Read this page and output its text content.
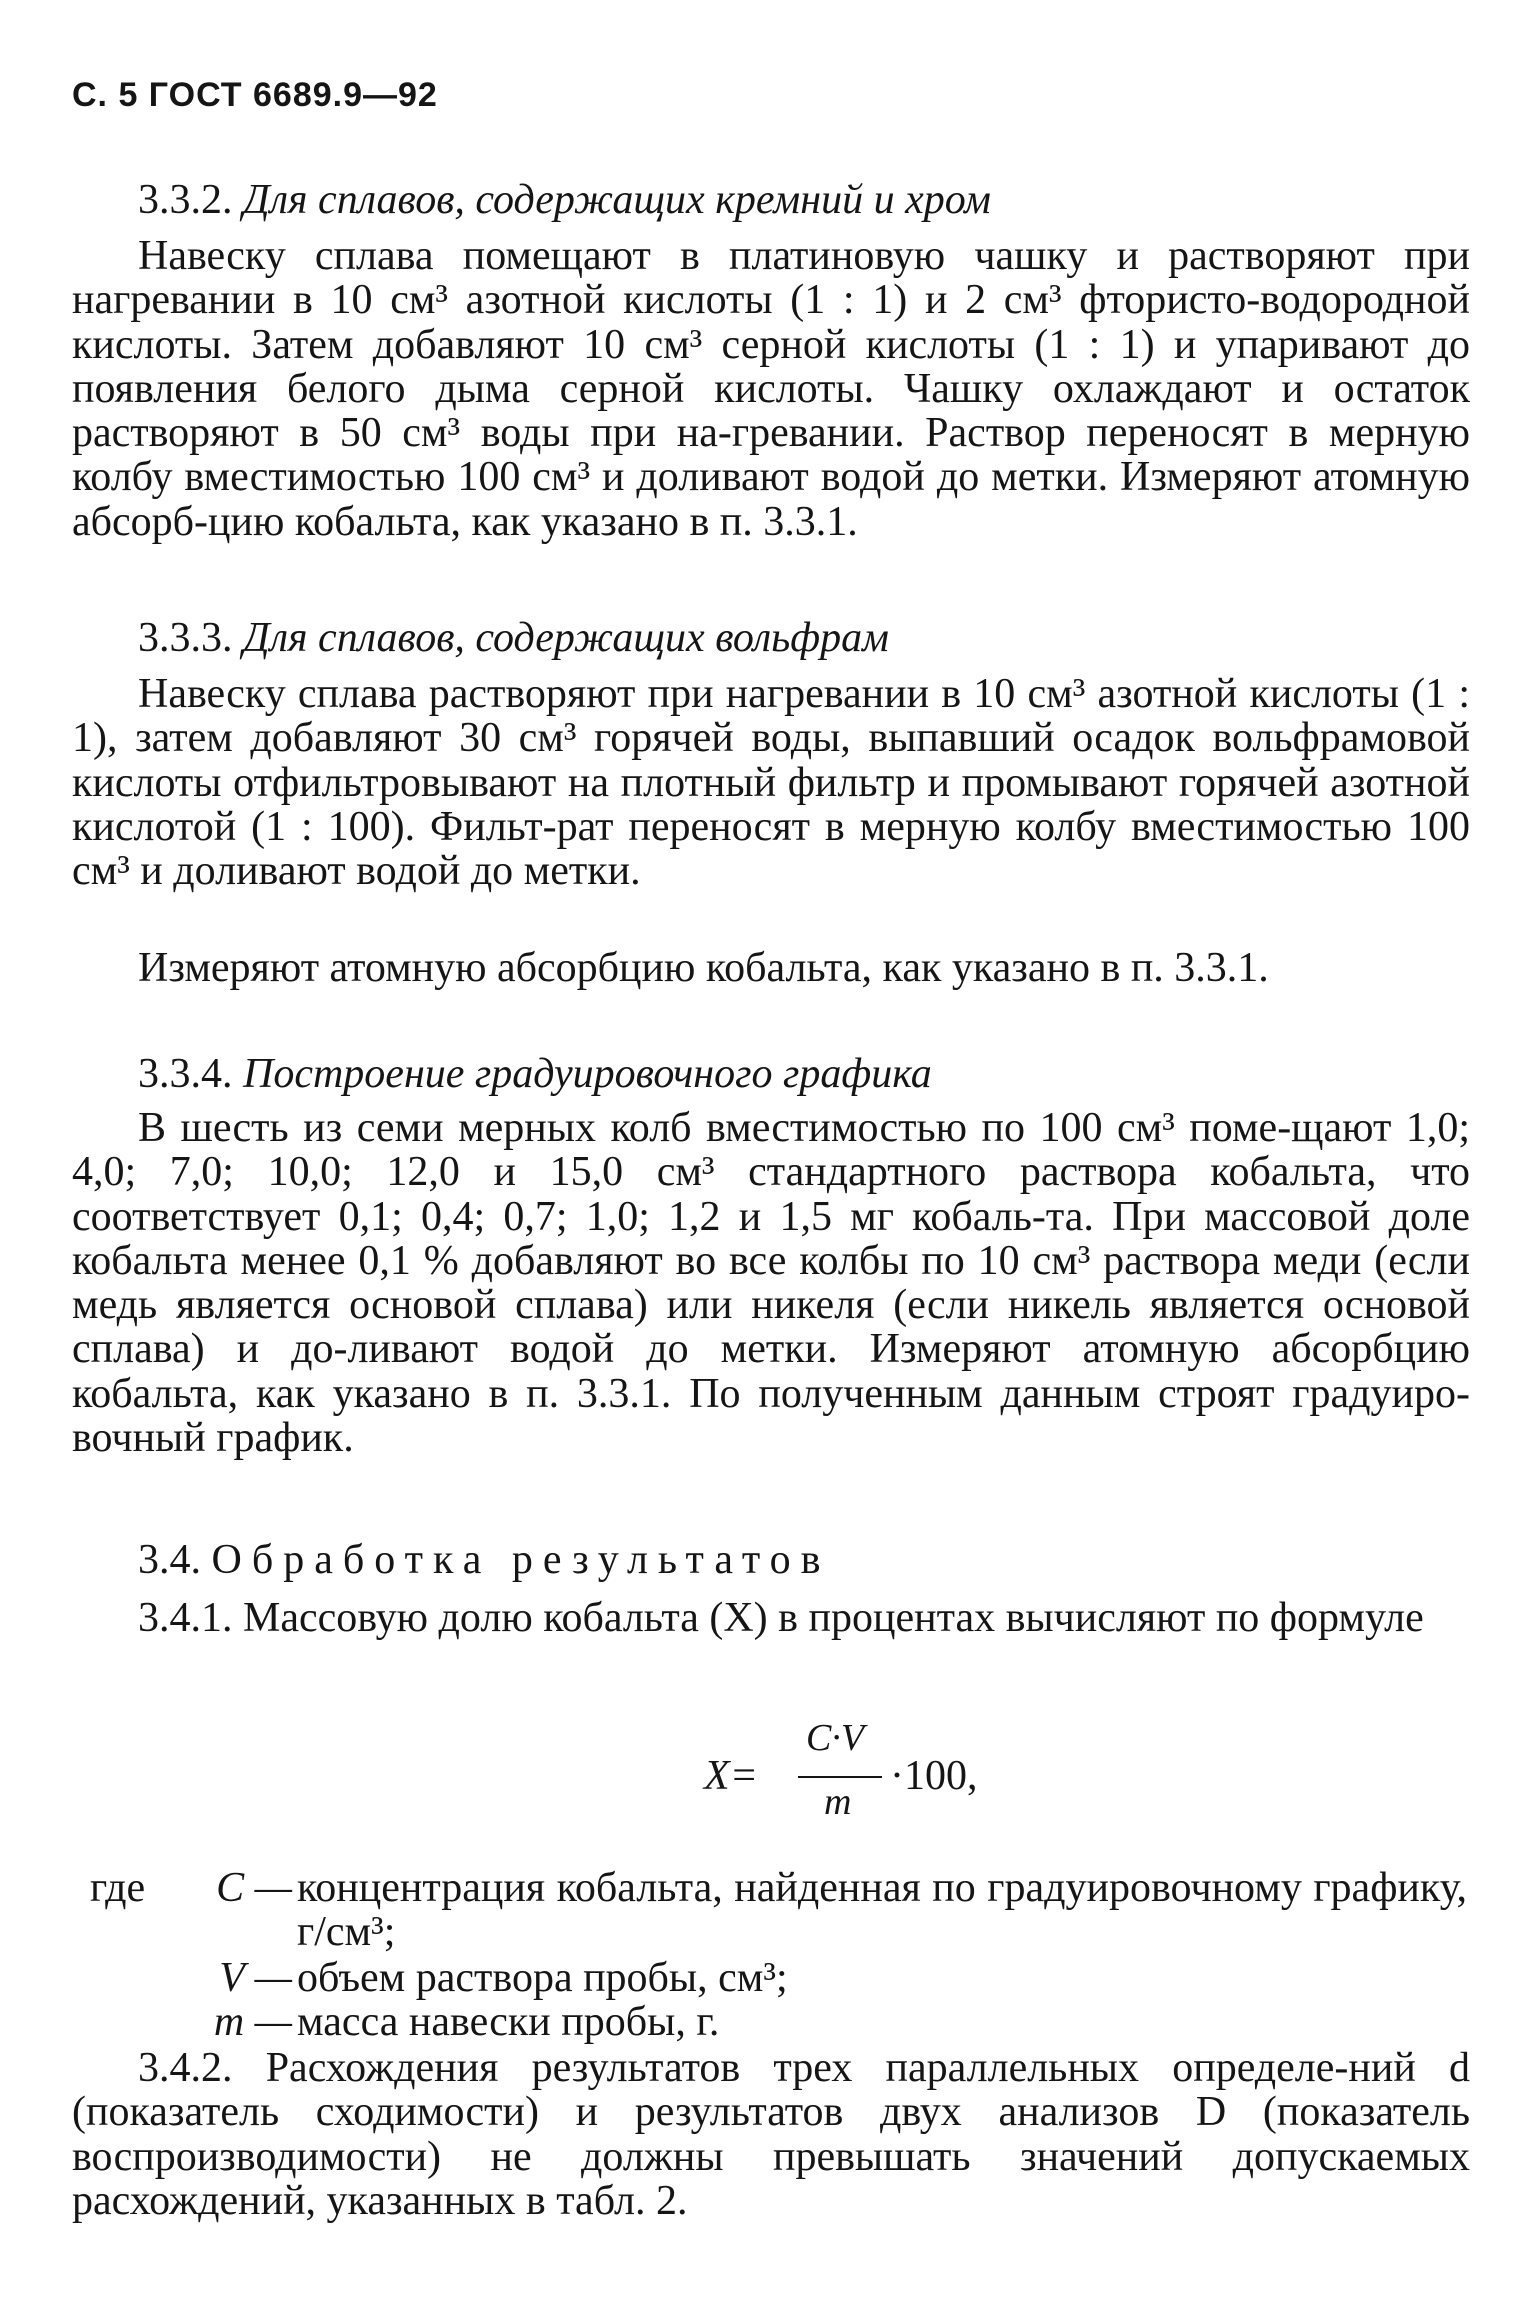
С. 5 ГОСТ 6689.9—92
3.3.2. Для сплавов, содержащих кремний и хром
Навеску сплава помещают в платиновую чашку и растворяют при нагревании в 10 см³ азотной кислоты (1 : 1) и 2 см³ фтористо-водородной кислоты. Затем добавляют 10 см³ серной кислоты (1 : 1) и упаривают до появления белого дыма серной кислоты. Чашку охлаждают и остаток растворяют в 50 см³ воды при на-гревании. Раствор переносят в мерную колбу вместимостью 100 см³ и доливают водой до метки. Измеряют атомную абсорб-цию кобальта, как указано в п. 3.3.1.
3.3.3. Для сплавов, содержащих вольфрам
Навеску сплава растворяют при нагревании в 10 см³ азотной кислоты (1 : 1), затем добавляют 30 см³ горячей воды, выпавший осадок вольфрамовой кислоты отфильтровывают на плотный фильтр и промывают горячей азотной кислотой (1 : 100). Фильт-рат переносят в мерную колбу вместимостью 100 см³ и доливают водой до метки.
Измеряют атомную абсорбцию кобальта, как указано в п. 3.3.1.
3.3.4. Построение градуировочного графика
В шесть из семи мерных колб вместимостью по 100 см³ поме-щают 1,0; 4,0; 7,0; 10,0; 12,0 и 15,0 см³ стандартного раствора кобальта, что соответствует 0,1; 0,4; 0,7; 1,0; 1,2 и 1,5 мг кобаль-та. При массовой доле кобальта менее 0,1 % добавляют во все колбы по 10 см³ раствора меди (если медь является основой сплава) или никеля (если никель является основой сплава) и до-ливают водой до метки. Измеряют атомную абсорбцию кобальта, как указано в п. 3.3.1. По полученным данным строят градуиро-вочный график.
3.4. Обработка результатов
3.4.1. Массовую долю кобальта (X) в процентах вычисляют по формуле
X=
C·V
m
·100,
где	C — концентрация кобальта, найденная по градуировочному графику, г/см³;
V — объем раствора пробы, см³;
m — масса навески пробы, г.
3.4.2. Расхождения результатов трех параллельных определе-ний d (показатель сходимости) и результатов двух анализов D (показатель воспроизводимости) не должны превышать значений допускаемых расхождений, указанных в табл. 2.
